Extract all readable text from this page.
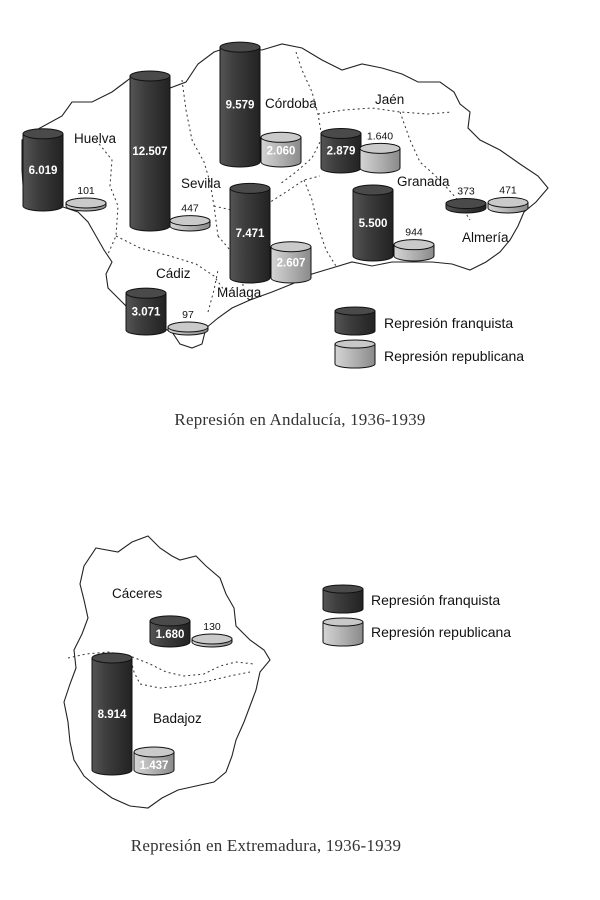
6.019
101
12.507
447
9.579
2.060	2.879
1.640
5.500
944
373 471
7.471
2.607
3.071 97
Huelva
Sevilla
Córdoba	Jaén
Granada
Almería
Málaga
Cádiz
Represión franquista
Represión republicana
1.680
130
8.914
1.437
Cáceres
Badajoz
Represión franquista
Represión republicana
Represión en Andalucía, 1936-1939
Represión en Extremadura, 1936-1939
